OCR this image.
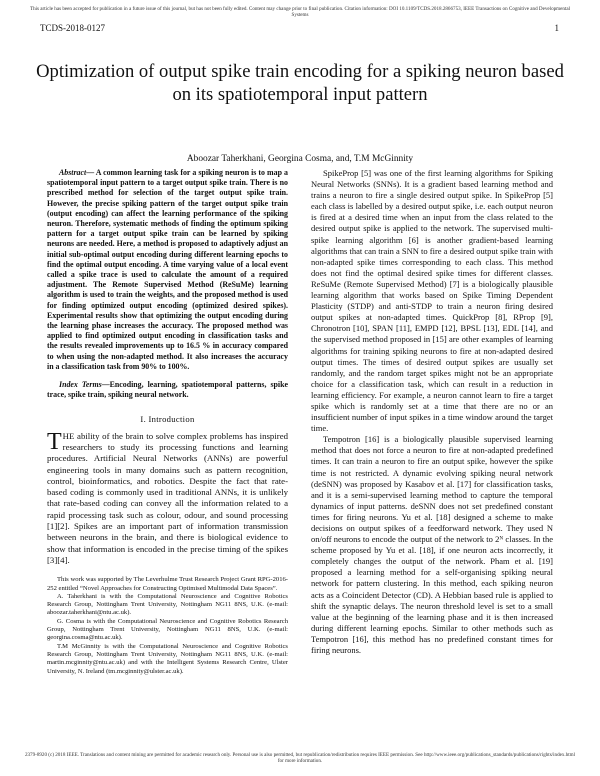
This article has been accepted for publication in a future issue of this journal, but has not been fully edited. Content may change prior to final publication. Citation information: DOI 10.1109/TCDS.2018.2866753, IEEE Transactions on Cognitive and Developmental Systems
TCDS-2018-0127	1
Optimization of output spike train encoding for a spiking neuron based on its spatiotemporal input pattern
Aboozar Taherkhani, Georgina Cosma, and, T.M McGinnity

Abstract— A common learning task for a spiking neuron is to map a spatiotemporal input pattern to a target output spike train. There is no prescribed method for selection of the target output spike train. However, the precise spiking pattern of the target output spike train (output encoding) can affect the learning performance of the spiking neuron. Therefore, systematic methods of finding the optimum spiking pattern for a target output spike train can be learned by spiking neurons are needed. Here, a method is proposed to adaptively adjust an initial sub-optimal output encoding during different learning epochs to find the optimal output encoding. A time varying value of a local event called a spike trace is used to calculate the amount of a required adjustment. The Remote Supervised Method (ReSuMe) learning algorithm is used to train the weights, and the proposed method is used for finding optimized output encoding (optimized desired spikes). Experimental results show that optimizing the output encoding during the learning phase increases the accuracy. The proposed method was applied to find optimized output encoding in classification tasks and the results revealed improvements up to 16.5 % in accuracy compared to when using the non-adapted method. It also increases the accuracy in a classification task from 90% to 100%.

Index Terms—Encoding, learning, spatiotemporal patterns, spike trace, spike train, spiking neural network.

I. Introduction

THE ability of the brain to solve complex problems has inspired researchers to study its processing functions and learning procedures. Artificial Neural Networks (ANNs) are powerful engineering tools in many domains such as pattern recognition, control, bioinformatics, and robotics. Despite the fact that rate-based coding is commonly used in traditional ANNs, it is unlikely that rate-based coding can convey all the information related to a rapid processing task such as colour, odour, and sound processing [1][2]. Spikes are an important part of information transmission between neurons in the brain, and there is biological evidence to show that information is encoded in the precise timing of the spikes [3][4].

This work was supported by The Leverhulme Trust Research Project Grant RPG-2016-252 entitled “Novel Approaches for Constructing Optimised Multimodal Data Spaces”.

A. Taherkhani is with the Computational Neuroscience and Cognitive Robotics Research Group, Nottingham Trent University, Nottingham NG11 8NS, U.K. (e-mail: aboozar.taherkhani@ntu.ac.uk).

G. Cosma is with the Computational Neuroscience and Cognitive Robotics Research Group, Nottingham Trent University, Nottingham NG11 8NS, U.K. (e-mail: georgina.cosma@ntu.ac.uk).

T.M McGinnity is with the Computational Neuroscience and Cognitive Robotics Research Group, Nottingham Trent University, Nottingham NG11 8NS, U.K. (e-mail: martin.mcginnity@ntu.ac.uk) and with the Intelligent Systems Research Centre, Ulster University, N. Ireland (tm.mcginnity@ulster.ac.uk).

SpikeProp [5] was one of the first learning algorithms for Spiking Neural Networks (SNNs). It is a gradient based learning method and trains a neuron to fire a single desired output spike. In SpikeProp [5] each class is labelled by a desired output spike, i.e. each output neuron is fired at a desired time when an input from the class related to the desired output spike is applied to the network. The supervised multi-spike learning algorithm [6] is another gradient-based learning algorithms that can train a SNN to fire a desired output spike train with non-adapted spike times corresponding to each class. This method does not find the optimal desired spike times for different classes. ReSuMe (Remote Supervised Method) [7] is a biologically plausible learning algorithm that works based on Spike Timing Dependent Plasticity (STDP) and anti-STDP to train a neuron firing desired output spikes at non-adapted times. QuickProp [8], RProp [9], Chronotron [10], SPAN [11], EMPD [12], BPSL [13], EDL [14], and the supervised method proposed in [15] are other examples of learning algorithms for training spiking neurons to fire at non-adapted desired output times. The times of desired output spikes are usually set randomly, and the random target spikes might not be an appropriate choice for a classification task, which can result in a reduction in learning efficiency. For example, a neuron cannot learn to fire a target spike which is randomly set at a time that there are no or an insufficient number of input spikes in a time window around the target time.

Tempotron [16] is a biologically plausible supervised learning method that does not force a neuron to fire at non-adapted predefined times. It can train a neuron to fire an output spike, however the spike time is not restricted. A dynamic evolving spiking neural network (deSNN) was proposed by Kasabov et al. [17] for classification tasks, and it is a semi-supervised learning method to capture the temporal dynamics of input patterns. deSNN does not set predefined constant times for firing neurons. Yu et al. [18] designed a scheme to make decisions on output spikes of a feedforward network. They used N on/off neurons to encode the output of the network to 2ᴺ classes. In the scheme proposed by Yu et al. [18], if one neuron acts incorrectly, it completely changes the output of the network. Pham et al. [19] proposed a learning method for a self-organising spiking neural network for pattern clustering. In this method, each spiking neuron acts as a Coincident Detector (CD). A Hebbian based rule is applied to shift the synaptic delays. The neuron threshold level is set to a small value at the beginning of the learning phase and it is then increased during different learning epochs. Similar to other methods such as Tempotron [16], this method has no predefined constant times for firing neurons.

2379-8920 (c) 2018 IEEE. Translations and content mining are permitted for academic research only. Personal use is also permitted, but republication/redistribution requires IEEE permission. See http://www.ieee.org/publications_standards/publications/rights/index.html for more information.
